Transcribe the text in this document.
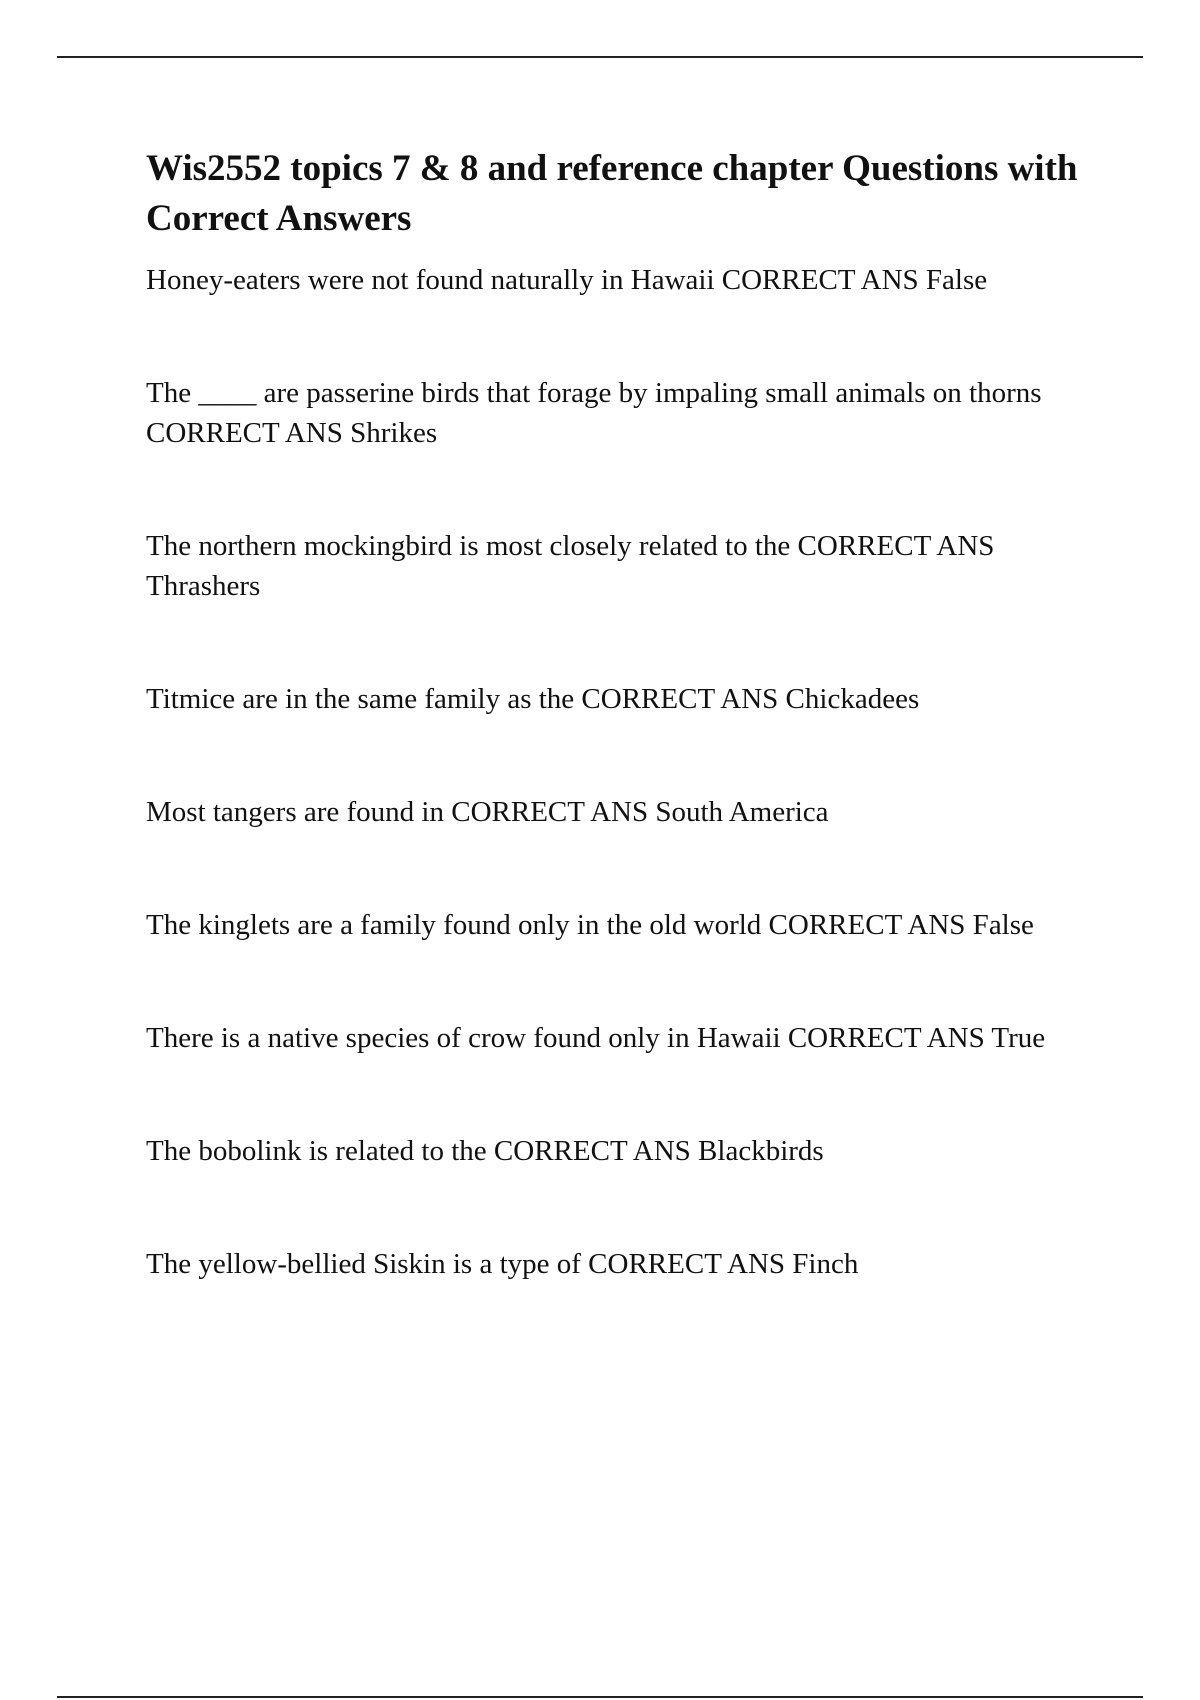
Wis2552 topics 7 & 8 and reference chapter Questions with Correct Answers
Honey-eaters were not found naturally in Hawaii CORRECT ANS False
The ____ are passerine birds that forage by impaling small animals on thorns CORRECT ANS Shrikes
The northern mockingbird is most closely related to the CORRECT ANS Thrashers
Titmice are in the same family as the CORRECT ANS Chickadees
Most tangers are found in CORRECT ANS South America
The kinglets are a family found only in the old world CORRECT ANS False
There is a native species of crow found only in Hawaii CORRECT ANS True
The bobolink is related to the CORRECT ANS Blackbirds
The yellow-bellied Siskin is a type of CORRECT ANS Finch
